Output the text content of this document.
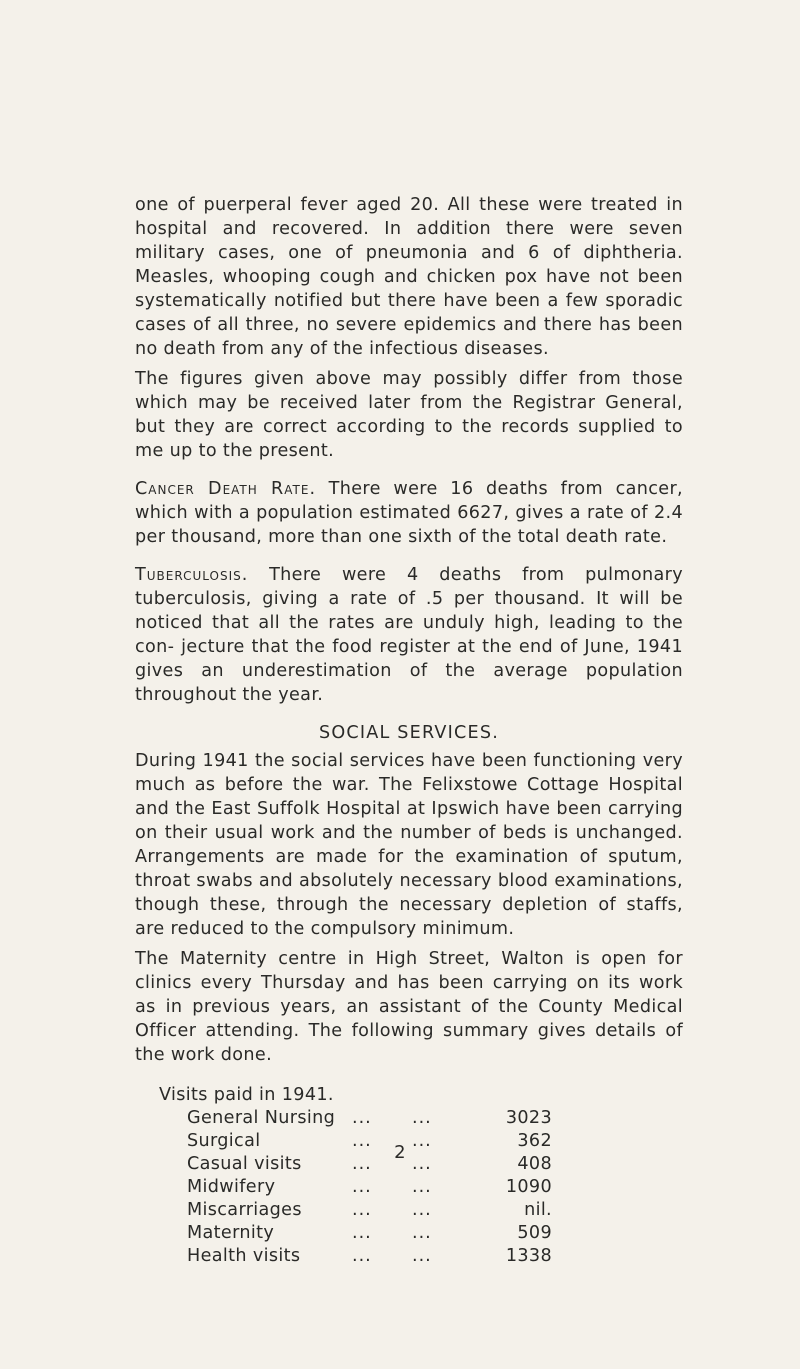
one of puerperal fever aged 20. All these were treated in hospital and recovered. In addition there were seven military cases, one of pneumonia and 6 of diphtheria. Measles, whooping cough and chicken pox have not been systematically notified but there have been a few sporadic cases of all three, no severe epidemics and there has been no death from any of the infectious diseases.

The figures given above may possibly differ from those which may be received later from the Registrar General, but they are correct according to the records supplied to me up to the present.

Cancer Death Rate. There were 16 deaths from cancer, which with a population estimated 6627, gives a rate of 2.4 per thousand, more than one sixth of the total death rate.

Tuberculosis. There were 4 deaths from pulmonary tuberculosis, giving a rate of .5 per thousand. It will be noticed that all the rates are unduly high, leading to the con- jecture that the food register at the end of June, 1941 gives an underestimation of the average population throughout the year.

SOCIAL SERVICES.

During 1941 the social services have been functioning very much as before the war. The Felixstowe Cottage Hospital and the East Suffolk Hospital at Ipswich have been carrying on their usual work and the number of beds is unchanged. Arrangements are made for the examination of sputum, throat swabs and absolutely necessary blood examinations, though these, through the necessary depletion of staffs, are reduced to the compulsory minimum.

The Maternity centre in High Street, Walton is open for clinics every Thursday and has been carrying on its work as in previous years, an assistant of the County Medical Officer attending. The following summary gives details of the work done.

Visits paid in 1941.
General Nursing ...	...	3023
Surgical	...	...	362
Casual visits	...	...	408
Midwifery	...	...	1090
Miscarriages	...	...	nil.
Maternity	...	...	509
Health visits	...	...	1338
2
